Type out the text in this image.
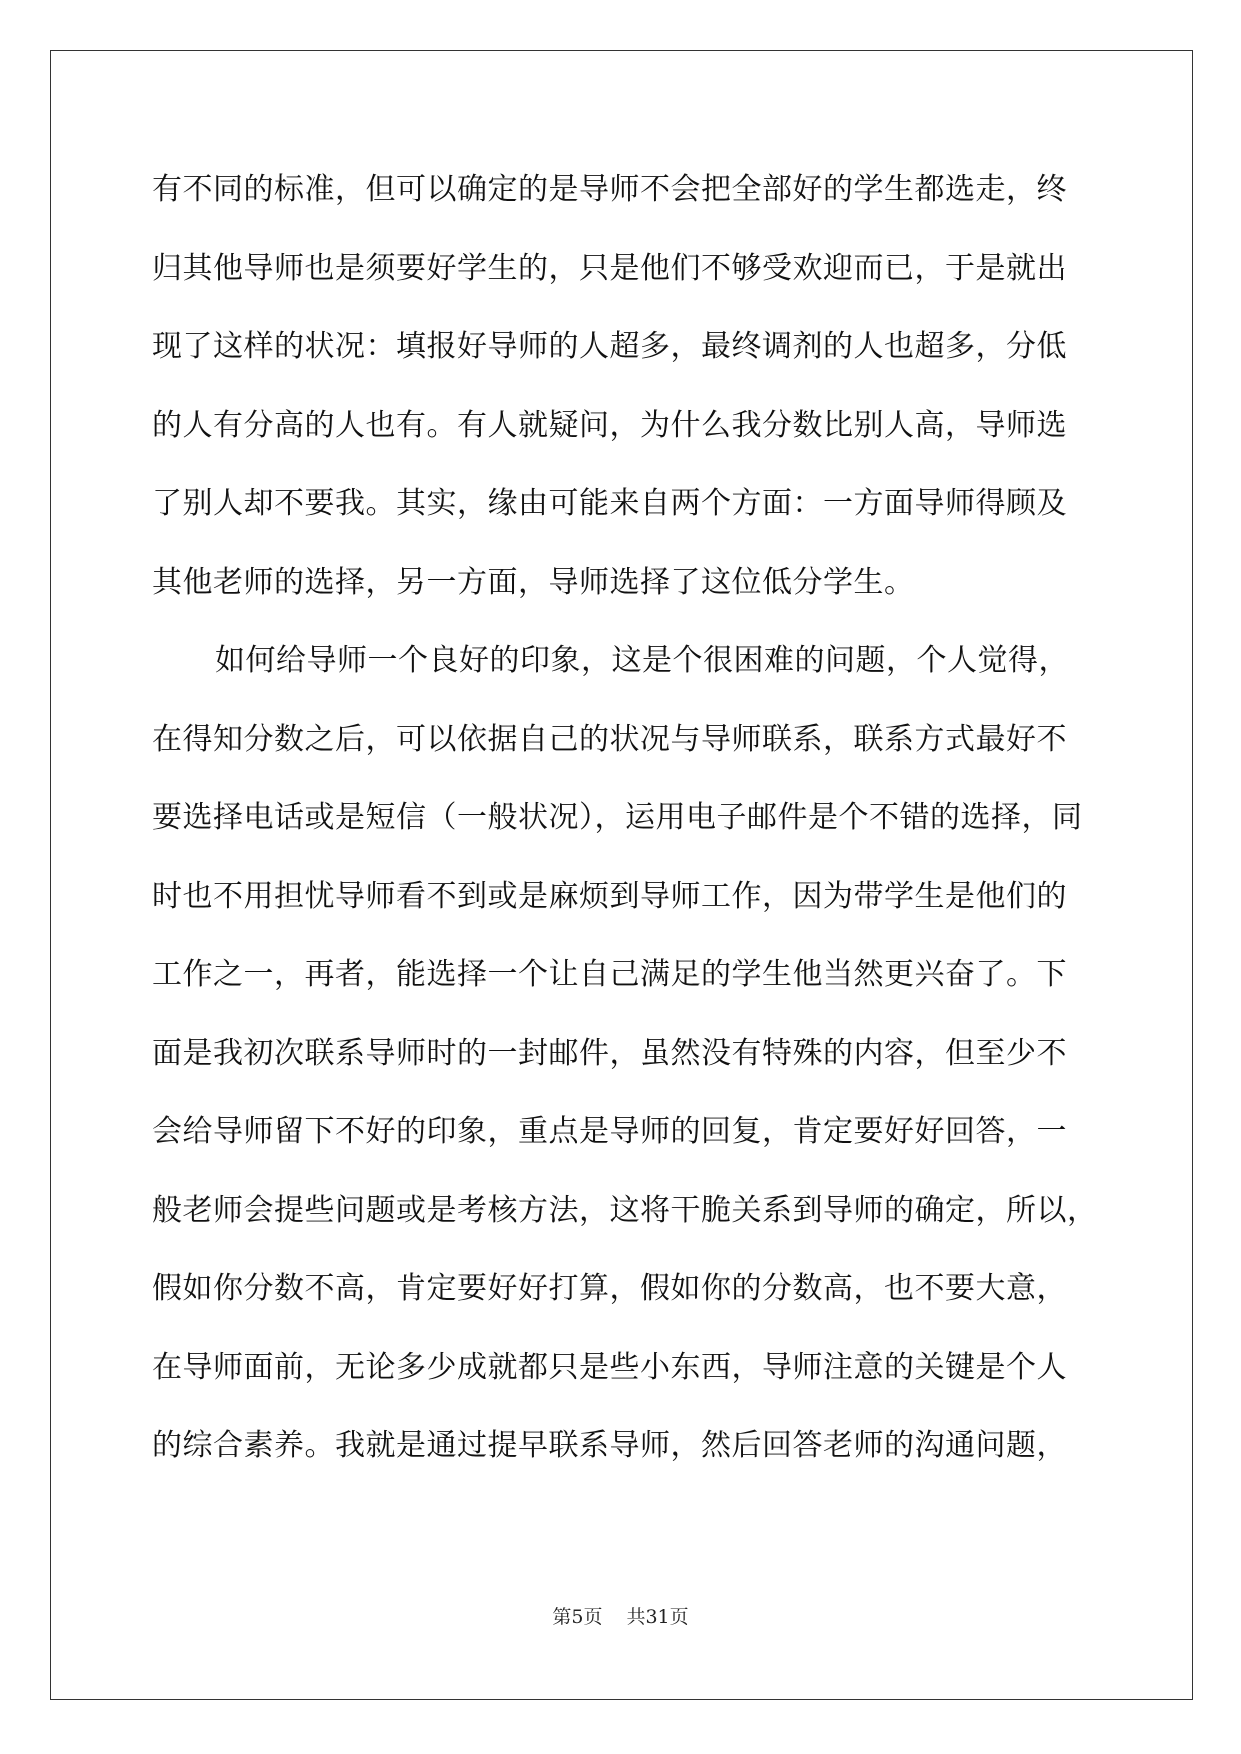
有不同的标准，但可以确定的是导师不会把全部好的学生都选走，终
归其他导师也是须要好学生的，只是他们不够受欢迎而已，于是就出
现了这样的状况：填报好导师的人超多，最终调剂的人也超多，分低
的人有分高的人也有。有人就疑问，为什么我分数比别人高，导师选
了别人却不要我。其实，缘由可能来自两个方面：一方面导师得顾及
其他老师的选择，另一方面，导师选择了这位低分学生。
如何给导师一个良好的印象，这是个很困难的问题，个人觉得，
在得知分数之后，可以依据自己的状况与导师联系，联系方式最好不
要选择电话或是短信（一般状况），运用电子邮件是个不错的选择，同
时也不用担忧导师看不到或是麻烦到导师工作，因为带学生是他们的
工作之一，再者，能选择一个让自己满足的学生他当然更兴奋了。下
面是我初次联系导师时的一封邮件，虽然没有特殊的内容，但至少不
会给导师留下不好的印象，重点是导师的回复，肯定要好好回答，一
般老师会提些问题或是考核方法，这将干脆关系到导师的确定，所以，
假如你分数不高，肯定要好好打算，假如你的分数高，也不要大意，
在导师面前，无论多少成就都只是些小东西，导师注意的关键是个人
的综合素养。我就是通过提早联系导师，然后回答老师的沟通问题，
第5页 共31页
